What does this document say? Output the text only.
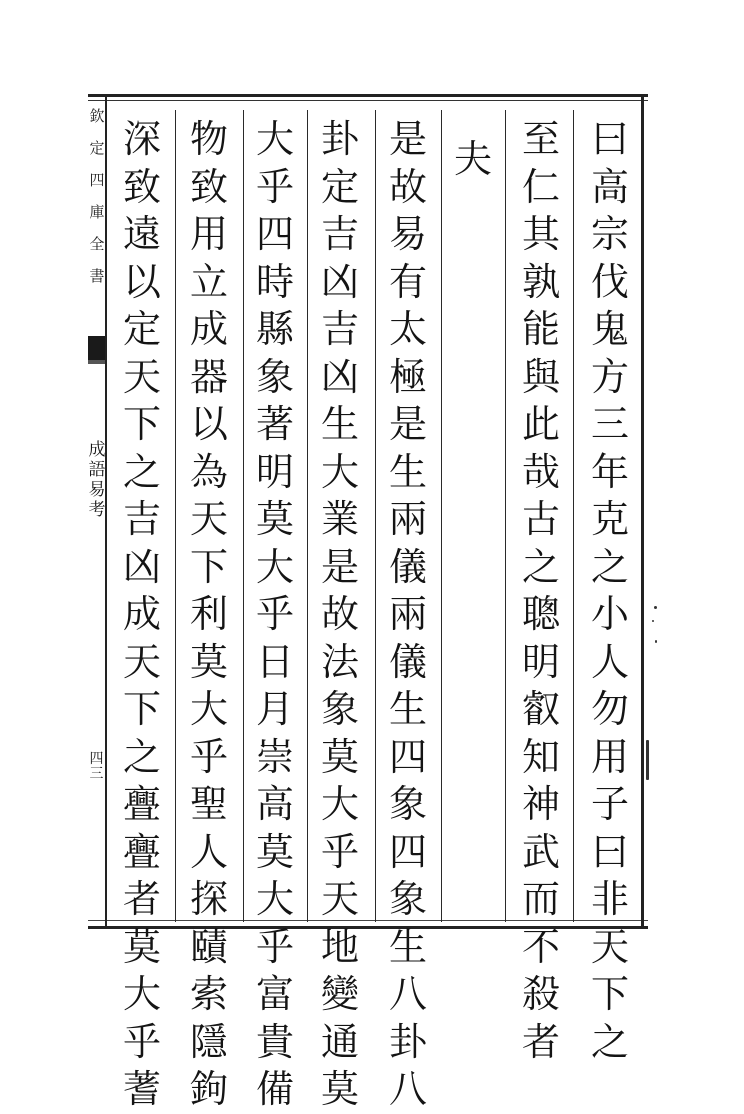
曰
高
宗
伐
鬼
方
三
年
克
之
小
人
勿
用
子
曰
非
天
下
之
至
仁
其
孰
能
與
此
哉
古
之
聰
明
叡
知
神
武
而
不
殺
者
夫
是
故
易
有
太
極
是
生
兩
儀
兩
儀
生
四
象
四
象
生
八
卦
八
卦
定
吉
凶
吉
凶
生
大
業
是
故
法
象
莫
大
乎
天
地
變
通
莫
大
乎
四
時
縣
象
著
明
莫
大
乎
日
月
崇
高
莫
大
乎
富
貴
備
物
致
用
立
成
器
以
為
天
下
利
莫
大
乎
聖
人
探
賾
索
隱
鉤
深
致
遠
以
定
天
下
之
吉
凶
成
天
下
之
亹
亹
者
莫
大
乎
蓍
成
語
易
考
四
三
欽
定
四
庫
全
書
